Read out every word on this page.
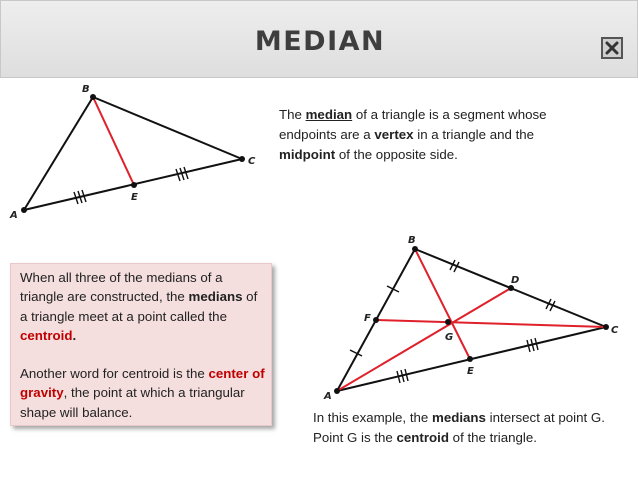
MEDIAN
B
C
A
E
The median of a triangle is a segment whose endpoints are a vertex in a triangle and the midpoint of the opposite side.

When all three of the medians of a triangle are constructed, the medians of a triangle meet at a point called the centroid.

Another word for centroid is the center of gravity, the point at which a triangular shape will balance.

B
D
F
G
C
E
A
In this example, the medians intersect at point G. Point G is the centroid of the triangle.
